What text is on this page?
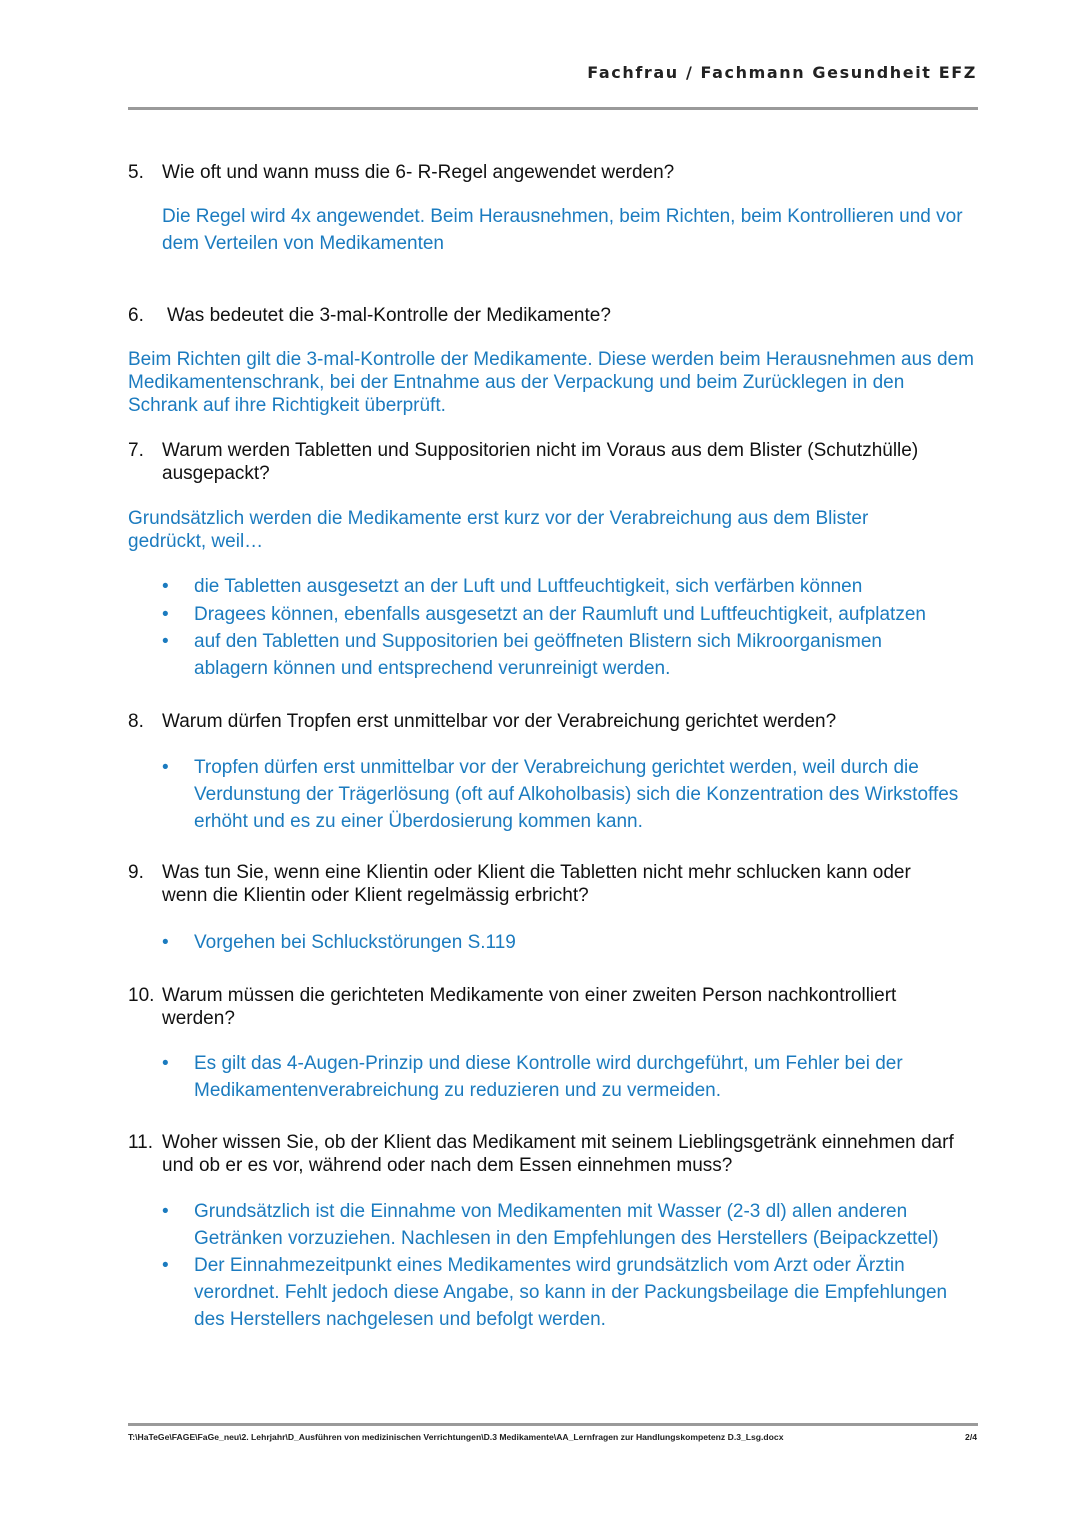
Fachfrau / Fachmann Gesundheit EFZ
5. Wie oft und wann muss die 6- R-Regel angewendet werden?
Die Regel wird 4x angewendet. Beim Herausnehmen, beim Richten, beim Kontrollieren und vor dem Verteilen von Medikamenten
6. Was bedeutet die 3-mal-Kontrolle der Medikamente?
Beim Richten gilt die 3-mal-Kontrolle der Medikamente. Diese werden beim Herausnehmen aus dem Medikamentenschrank, bei der Entnahme aus der Verpackung und beim Zurücklegen in den Schrank auf ihre Richtigkeit überprüft.
7. Warum werden Tabletten und Suppositorien nicht im Voraus aus dem Blister (Schutzhülle) ausgepackt?
Grundsätzlich werden die Medikamente erst kurz vor der Verabreichung aus dem Blister gedrückt, weil…
• die Tabletten ausgesetzt an der Luft und Luftfeuchtigkeit, sich verfärben können
• Dragees können, ebenfalls ausgesetzt an der Raumluft und Luftfeuchtigkeit, aufplatzen
• auf den Tabletten und Suppositorien bei geöffneten Blistern sich Mikroorganismen ablagern können und entsprechend verunreinigt werden.
8. Warum dürfen Tropfen erst unmittelbar vor der Verabreichung gerichtet werden?
• Tropfen dürfen erst unmittelbar vor der Verabreichung gerichtet werden, weil durch die Verdunstung der Trägerlösung (oft auf Alkoholbasis) sich die Konzentration des Wirkstoffes erhöht und es zu einer Überdosierung kommen kann.
9. Was tun Sie, wenn eine Klientin oder Klient die Tabletten nicht mehr schlucken kann oder wenn die Klientin oder Klient regelmässig erbricht?
• Vorgehen bei Schluckstörungen S.119
10. Warum müssen die gerichteten Medikamente von einer zweiten Person nachkontrolliert werden?
• Es gilt das 4-Augen-Prinzip und diese Kontrolle wird durchgeführt, um Fehler bei der Medikamentenverabreichung zu reduzieren und zu vermeiden.
11. Woher wissen Sie, ob der Klient das Medikament mit seinem Lieblingsgetränk einnehmen darf und ob er es vor, während oder nach dem Essen einnehmen muss?
• Grundsätzlich ist die Einnahme von Medikamenten mit Wasser (2-3 dl) allen anderen Getränken vorzuziehen. Nachlesen in den Empfehlungen des Herstellers (Beipackzettel)
• Der Einnahmezeitpunkt eines Medikamentes wird grundsätzlich vom Arzt oder Ärztin verordnet. Fehlt jedoch diese Angabe, so kann in der Packungsbeilage die Empfehlungen des Herstellers nachgelesen und befolgt werden.
T:\HaTeGe\FAGE\FaGe_neu\2. Lehrjahr\D_Ausführen von medizinischen Verrichtungen\D.3 Medikamente\AA_Lernfragen zur Handlungskompetenz D.3_Lsg.docx	2/4
